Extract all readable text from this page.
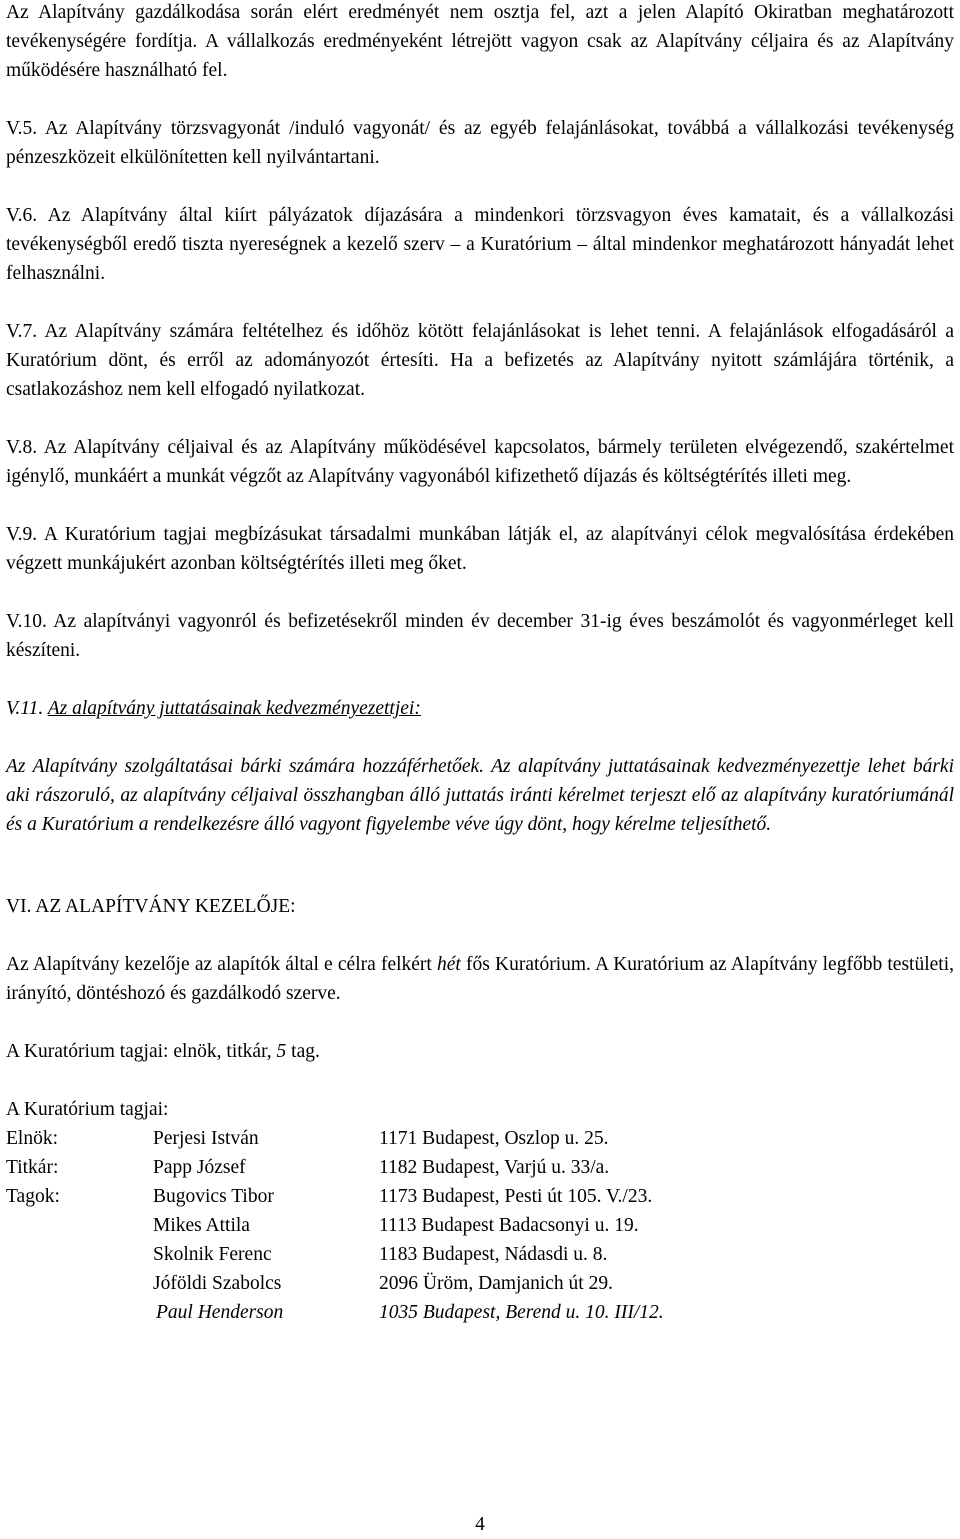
Az Alapítvány gazdálkodása során elért eredményét nem osztja fel, azt a jelen Alapító Okiratban meghatározott tevékenységére fordítja. A vállalkozás eredményeként létrejött vagyon csak az Alapítvány céljaira és az Alapítvány működésére használható fel.

V.5. Az Alapítvány törzsvagyonát /induló vagyonát/ és az egyéb felajánlásokat, továbbá a vállalkozási tevékenység pénzeszközeit elkülönítetten kell nyilvántartani.

V.6. Az Alapítvány által kiírt pályázatok díjazására a mindenkori törzsvagyon éves kamatait, és a vállalkozási tevékenységből eredő tiszta nyereségnek a kezelő szerv – a Kuratórium – által mindenkor meghatározott hányadát lehet felhasználni.

V.7. Az Alapítvány számára feltételhez és időhöz kötött felajánlásokat is lehet tenni. A felajánlások elfogadásáról a Kuratórium dönt, és erről az adományozót értesíti. Ha a befizetés az Alapítvány nyitott számlájára történik, a csatlakozáshoz nem kell elfogadó nyilatkozat.

V.8. Az Alapítvány céljaival és az Alapítvány működésével kapcsolatos, bármely területen elvégezendő, szakértelmet igénylő, munkáért a munkát végzőt az Alapítvány vagyonából kifizethető díjazás és költségtérítés illeti meg.

V.9. A Kuratórium tagjai megbízásukat társadalmi munkában látják el, az alapítványi célok megvalósítása érdekében végzett munkájukért azonban költségtérítés illeti meg őket.

V.10. Az alapítványi vagyonról és befizetésekről minden év december 31-ig éves beszámolót és vagyonmérleget kell készíteni.

V.11. Az alapítvány juttatásainak kedvezményezettjei:

Az Alapítvány szolgáltatásai bárki számára hozzáférhetőek. Az alapítvány juttatásainak kedvezményezettje lehet bárki aki rászoruló, az alapítvány céljaival összhangban álló juttatás iránti kérelmet terjeszt elő az alapítvány kuratóriumánál és a Kuratórium a rendelkezésre álló vagyont figyelembe véve úgy dönt, hogy kérelme teljesíthető.

VI. AZ ALAPÍTVÁNY KEZELŐJE:

Az Alapítvány kezelője az alapítók által e célra felkért hét fős Kuratórium. A Kuratórium az Alapítvány legfőbb testületi, irányító, döntéshozó és gazdálkodó szerve.

A Kuratórium tagjai: elnök, titkár, 5 tag.

A Kuratórium tagjai:

Elnök:	Perjesi István	1171 Budapest, Oszlop u. 25.
Titkár:	Papp József	1182 Budapest, Varjú u. 33/a.
Tagok:	Bugovics Tibor	1173 Budapest, Pesti út 105. V./23.
	Mikes Attila	1113 Budapest Badacsonyi u. 19.
	Skolnik Ferenc	1183 Budapest, Nádasdi u. 8.
	Jóföldi Szabolcs	2096 Üröm, Damjanich út 29.
	Paul Henderson	1035 Budapest, Berend u. 10. III/12.
4
